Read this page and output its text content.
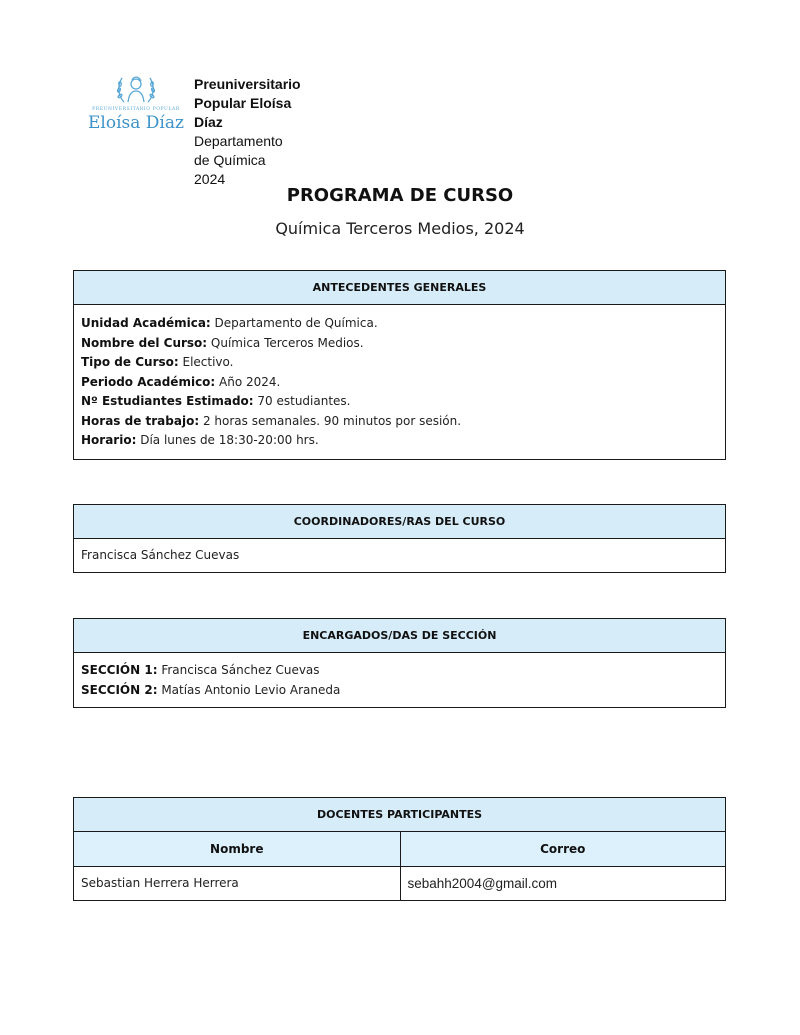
PREUNIVERSITARIO POPULAR
Eloísa Díaz
Preuniversitario Popular Eloísa Díaz
Departamento de Química
2024
PROGRAMA DE CURSO
Química Terceros Medios, 2024
ANTECEDENTES GENERALES
Unidad Académica: Departamento de Química.
Nombre del Curso: Química Terceros Medios.
Tipo de Curso: Electivo.
Periodo Académico: Año 2024.
Nº Estudiantes Estimado: 70 estudiantes.
Horas de trabajo: 2 horas semanales. 90 minutos por sesión.
Horario: Día lunes de 18:30-20:00 hrs.
COORDINADORES/RAS DEL CURSO
Francisca Sánchez Cuevas
ENCARGADOS/DAS DE SECCIÓN
SECCIÓN 1: Francisca Sánchez Cuevas
SECCIÓN 2: Matías Antonio Levio Araneda
DOCENTES PARTICIPANTES
Nombre	Correo
Sebastian Herrera Herrera	sebahh2004@gmail.com
